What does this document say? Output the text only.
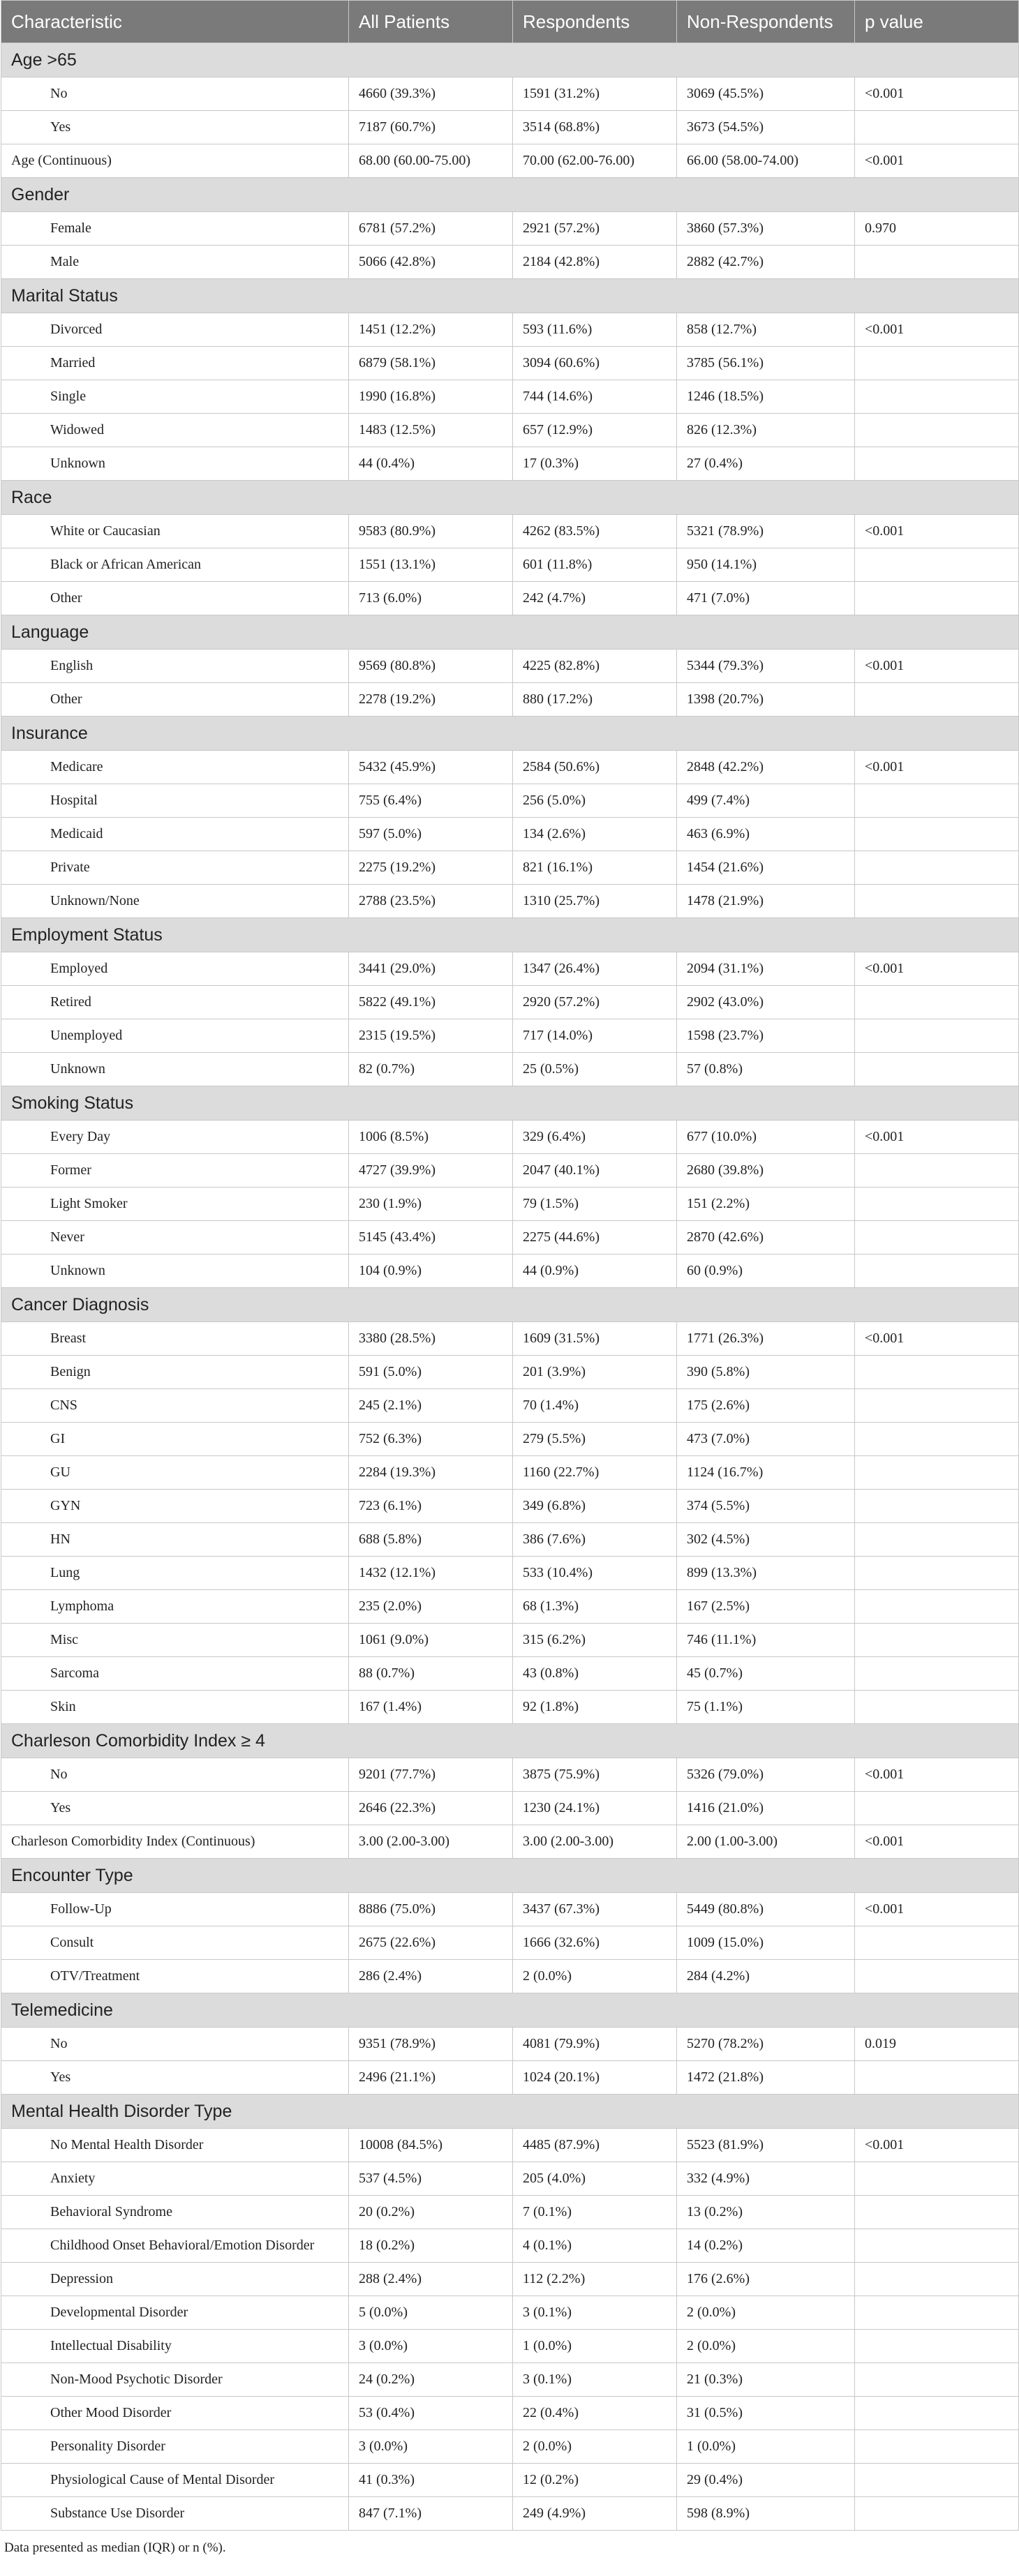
Characteristic	All Patients	Respondents	Non-Respondents	p value
Age >65				
No	4660 (39.3%)	1591 (31.2%)	3069 (45.5%)	<0.001
Yes	7187 (60.7%)	3514 (68.8%)	3673 (54.5%)	
Age (Continuous)	68.00 (60.00-75.00)	70.00 (62.00-76.00)	66.00 (58.00-74.00)	<0.001
Gender				
Female	6781 (57.2%)	2921 (57.2%)	3860 (57.3%)	0.970
Male	5066 (42.8%)	2184 (42.8%)	2882 (42.7%)	
Marital Status				
Divorced	1451 (12.2%)	593 (11.6%)	858 (12.7%)	<0.001
Married	6879 (58.1%)	3094 (60.6%)	3785 (56.1%)	
Single	1990 (16.8%)	744 (14.6%)	1246 (18.5%)	
Widowed	1483 (12.5%)	657 (12.9%)	826 (12.3%)	
Unknown	44 (0.4%)	17 (0.3%)	27 (0.4%)	
Race				
White or Caucasian	9583 (80.9%)	4262 (83.5%)	5321 (78.9%)	<0.001
Black or African American	1551 (13.1%)	601 (11.8%)	950 (14.1%)	
Other	713 (6.0%)	242 (4.7%)	471 (7.0%)	
Language				
English	9569 (80.8%)	4225 (82.8%)	5344 (79.3%)	<0.001
Other	2278 (19.2%)	880 (17.2%)	1398 (20.7%)	
Insurance				
Medicare	5432 (45.9%)	2584 (50.6%)	2848 (42.2%)	<0.001
Hospital	755 (6.4%)	256 (5.0%)	499 (7.4%)	
Medicaid	597 (5.0%)	134 (2.6%)	463 (6.9%)	
Private	2275 (19.2%)	821 (16.1%)	1454 (21.6%)	
Unknown/None	2788 (23.5%)	1310 (25.7%)	1478 (21.9%)	
Employment Status				
Employed	3441 (29.0%)	1347 (26.4%)	2094 (31.1%)	<0.001
Retired	5822 (49.1%)	2920 (57.2%)	2902 (43.0%)	
Unemployed	2315 (19.5%)	717 (14.0%)	1598 (23.7%)	
Unknown	82 (0.7%)	25 (0.5%)	57 (0.8%)	
Smoking Status				
Every Day	1006 (8.5%)	329 (6.4%)	677 (10.0%)	<0.001
Former	4727 (39.9%)	2047 (40.1%)	2680 (39.8%)	
Light Smoker	230 (1.9%)	79 (1.5%)	151 (2.2%)	
Never	5145 (43.4%)	2275 (44.6%)	2870 (42.6%)	
Unknown	104 (0.9%)	44 (0.9%)	60 (0.9%)	
Cancer Diagnosis				
Breast	3380 (28.5%)	1609 (31.5%)	1771 (26.3%)	<0.001
Benign	591 (5.0%)	201 (3.9%)	390 (5.8%)	
CNS	245 (2.1%)	70 (1.4%)	175 (2.6%)	
GI	752 (6.3%)	279 (5.5%)	473 (7.0%)	
GU	2284 (19.3%)	1160 (22.7%)	1124 (16.7%)	
GYN	723 (6.1%)	349 (6.8%)	374 (5.5%)	
HN	688 (5.8%)	386 (7.6%)	302 (4.5%)	
Lung	1432 (12.1%)	533 (10.4%)	899 (13.3%)	
Lymphoma	235 (2.0%)	68 (1.3%)	167 (2.5%)	
Misc	1061 (9.0%)	315 (6.2%)	746 (11.1%)	
Sarcoma	88 (0.7%)	43 (0.8%)	45 (0.7%)	
Skin	167 (1.4%)	92 (1.8%)	75 (1.1%)	
Charleson Comorbidity Index ≥ 4				
No	9201 (77.7%)	3875 (75.9%)	5326 (79.0%)	<0.001
Yes	2646 (22.3%)	1230 (24.1%)	1416 (21.0%)	
Charleson Comorbidity Index (Continuous)	3.00 (2.00-3.00)	3.00 (2.00-3.00)	2.00 (1.00-3.00)	<0.001
Encounter Type				
Follow-Up	8886 (75.0%)	3437 (67.3%)	5449 (80.8%)	<0.001
Consult	2675 (22.6%)	1666 (32.6%)	1009 (15.0%)	
OTV/Treatment	286 (2.4%)	2 (0.0%)	284 (4.2%)	
Telemedicine				
No	9351 (78.9%)	4081 (79.9%)	5270 (78.2%)	0.019
Yes	2496 (21.1%)	1024 (20.1%)	1472 (21.8%)	
Mental Health Disorder Type				
No Mental Health Disorder	10008 (84.5%)	4485 (87.9%)	5523 (81.9%)	<0.001
Anxiety	537 (4.5%)	205 (4.0%)	332 (4.9%)	
Behavioral Syndrome	20 (0.2%)	7 (0.1%)	13 (0.2%)	
Childhood Onset Behavioral/Emotion Disorder	18 (0.2%)	4 (0.1%)	14 (0.2%)	
Depression	288 (2.4%)	112 (2.2%)	176 (2.6%)	
Developmental Disorder	5 (0.0%)	3 (0.1%)	2 (0.0%)	
Intellectual Disability	3 (0.0%)	1 (0.0%)	2 (0.0%)	
Non-Mood Psychotic Disorder	24 (0.2%)	3 (0.1%)	21 (0.3%)	
Other Mood Disorder	53 (0.4%)	22 (0.4%)	31 (0.5%)	
Personality Disorder	3 (0.0%)	2 (0.0%)	1 (0.0%)	
Physiological Cause of Mental Disorder	41 (0.3%)	12 (0.2%)	29 (0.4%)	
Substance Use Disorder	847 (7.1%)	249 (4.9%)	598 (8.9%)	
Data presented as median (IQR) or n (%).
